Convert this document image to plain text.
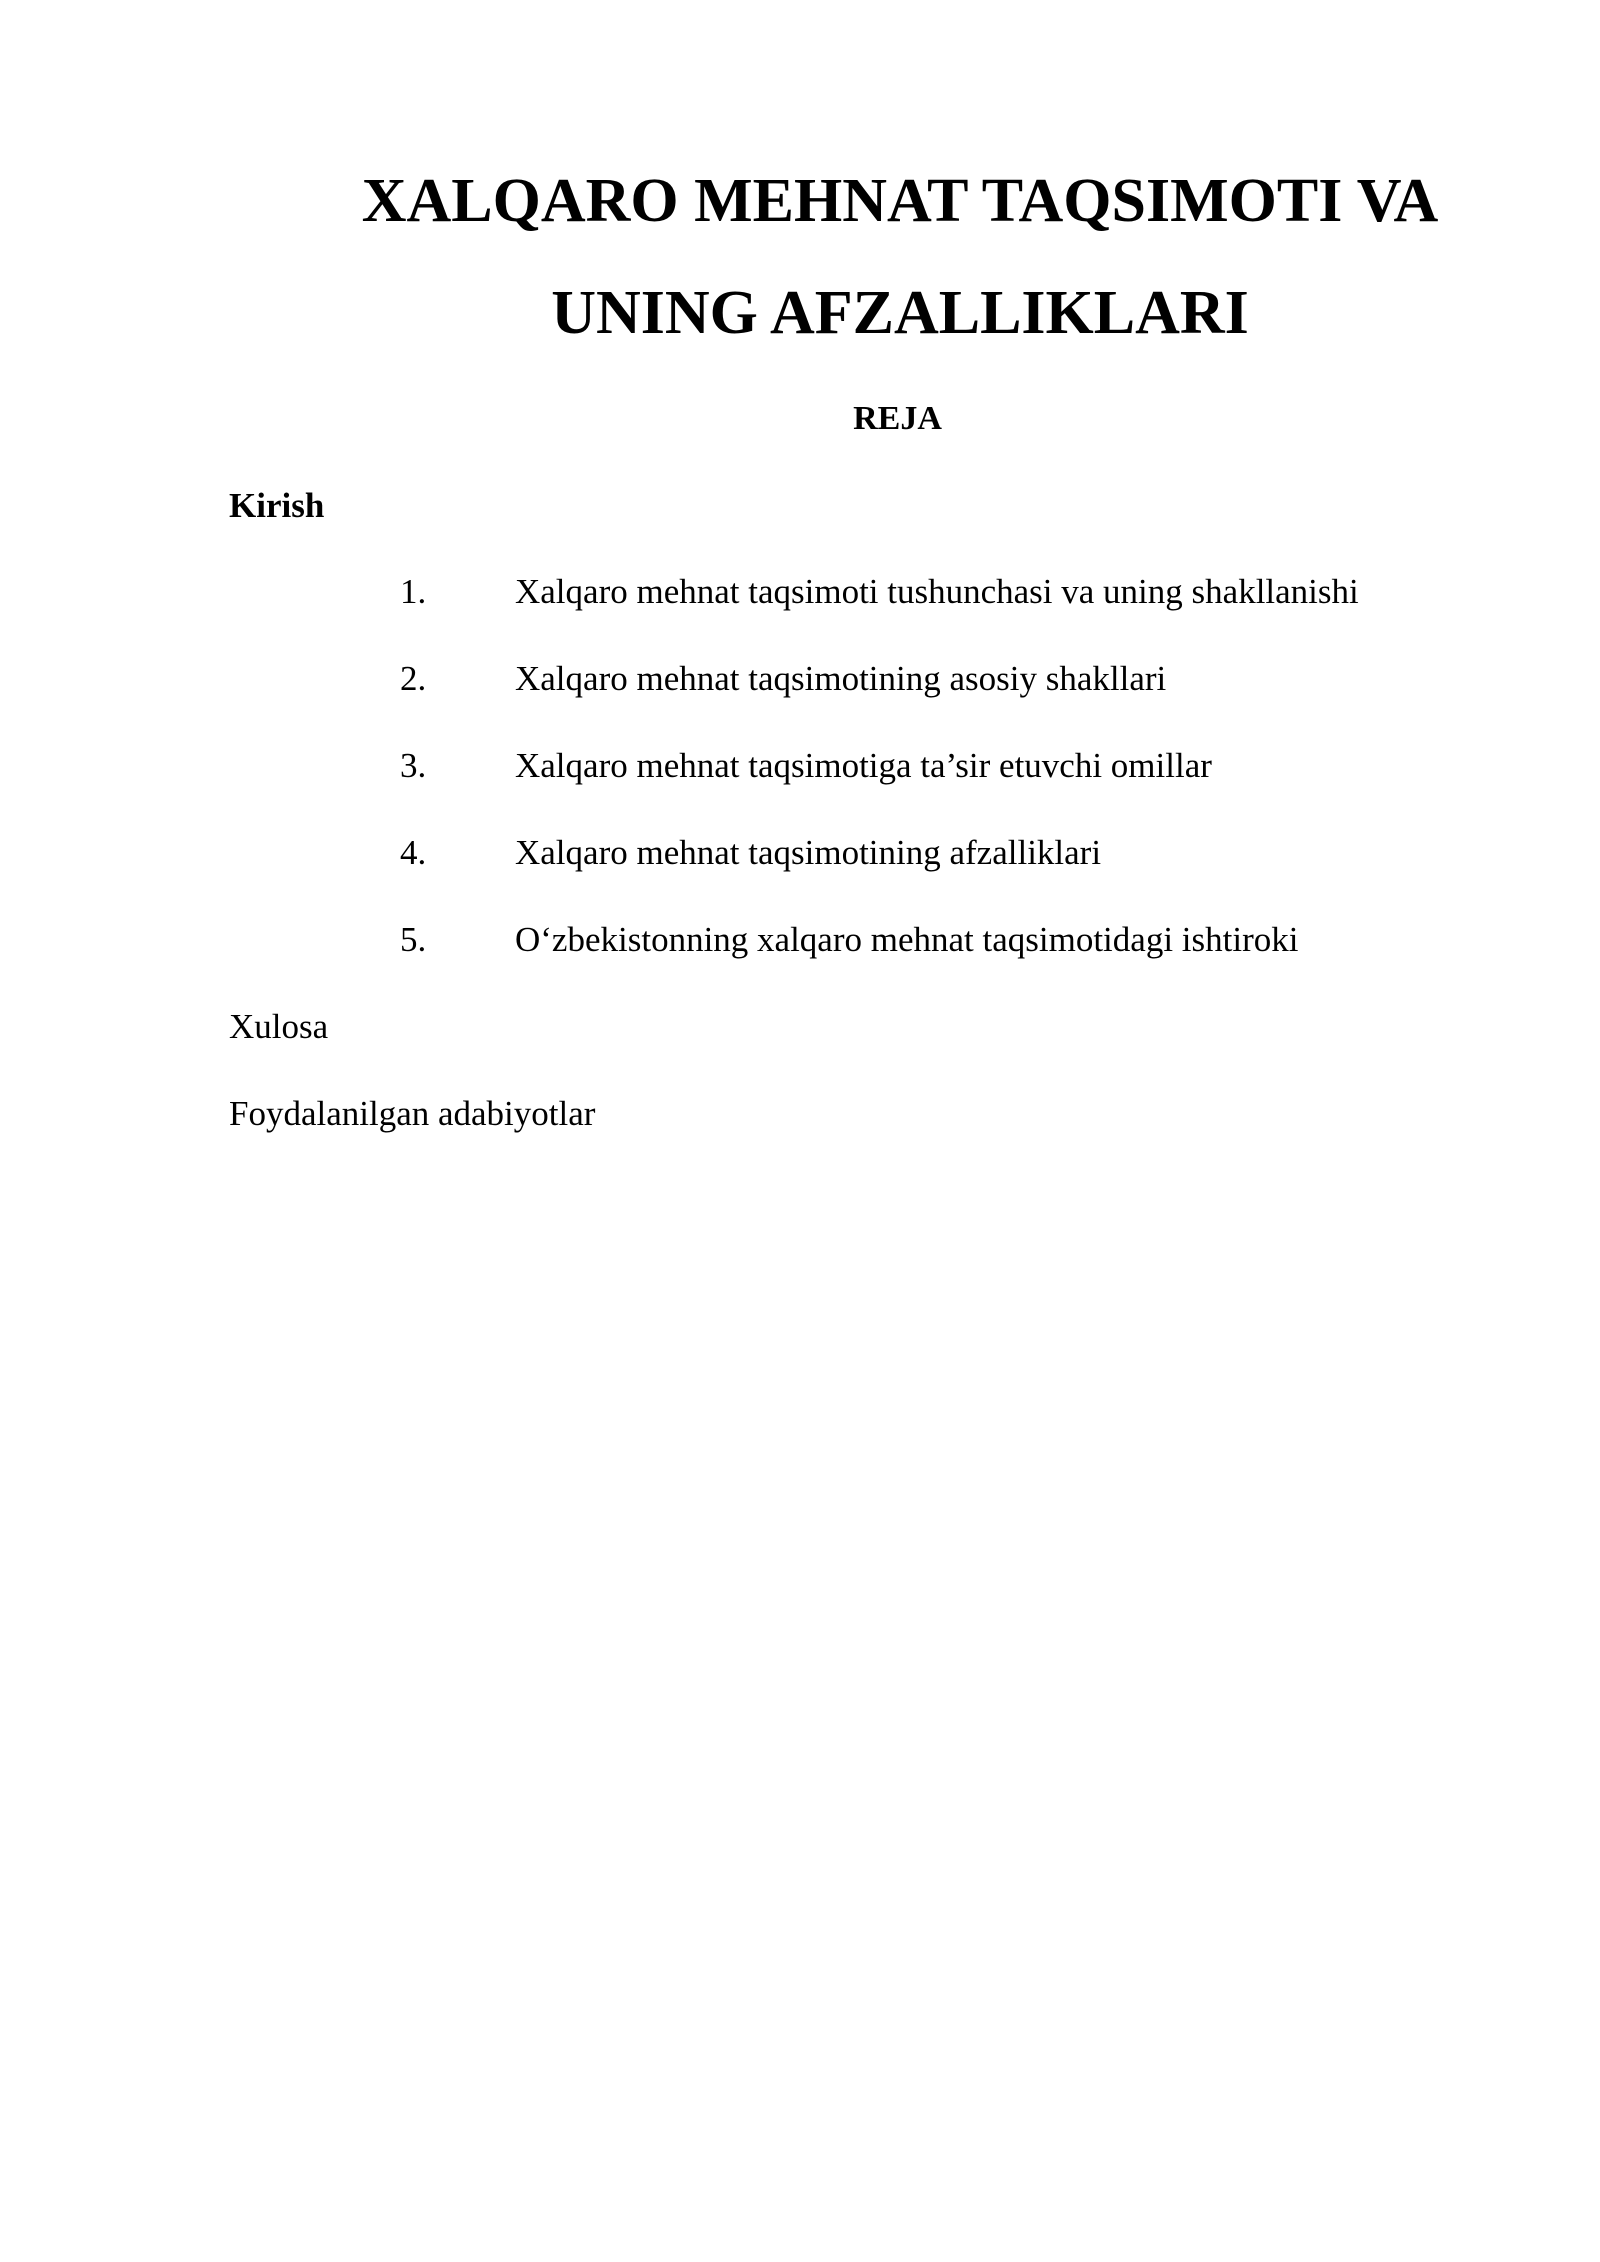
XALQARO MEHNAT TAQSIMOTI VA
UNING AFZALLIKLARI
REJA
Kirish
1.	Xalqaro mehnat taqsimoti tushunchasi va uning shakllanishi
2.	Xalqaro mehnat taqsimotining asosiy shakllari
3.	Xalqaro mehnat taqsimotiga ta’sir etuvchi omillar
4.	Xalqaro mehnat taqsimotining afzalliklari
5.	O‘zbekistonning xalqaro mehnat taqsimotidagi ishtiroki
Xulosa
Foydalanilgan adabiyotlar
